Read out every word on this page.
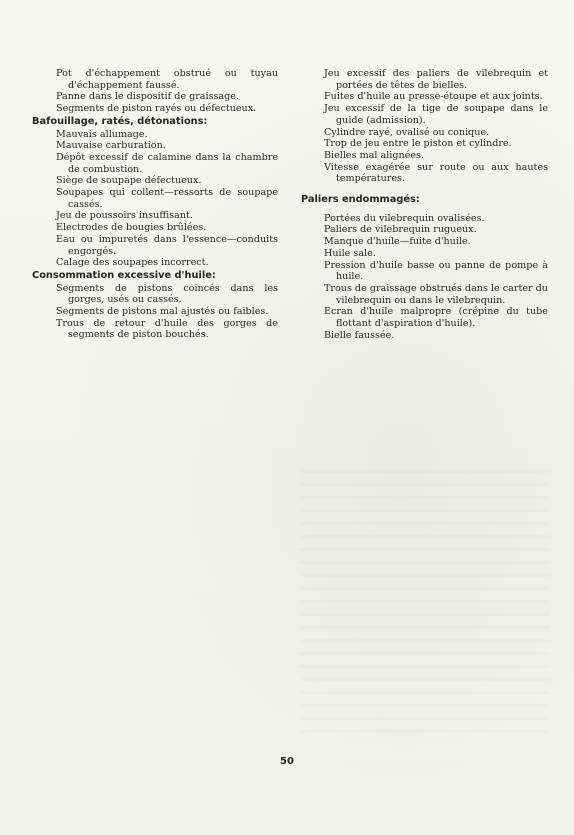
Pot d'échappement obstrué ou tuyau d'échappement faussé.

Panne dans le dispositif de graissage.

Segments de piston rayés ou défectueux.

Bafouillage, ratés, détonations:

Mauvais allumage.

Mauvaise carburation.

Dépôt excessif de calamine dans la chambre de combustion.

Siège de soupape défectueux.

Soupapes qui collent—ressorts de soupape cassés.

Jeu de poussoirs insuffisant.

Electrodes de bougies brûlées.

Eau ou impuretés dans l'essence—conduits engorgés.

Calage des soupapes incorrect.

Consommation excessive d'huile:

Segments de pistons coincés dans les gorges, usés ou cassés.

Segments de pistons mal ajustés ou faibles.

Trous de retour d'huile des gorges de segments de piston bouchés.

Jeu excessif des paliers de vilebrequin et portées de têtes de bielles.

Fuites d'huile au presse-étoupe et aux joints.

Jeu excessif de la tige de soupape dans le guide (admission).

Cylindre rayé, ovalisé ou conique.

Trop de jeu entre le piston et cylindre.

Bielles mal alignées.

Vitesse exagérée sur route ou aux hautes températures.

Paliers endommagés:

Portées du vilebrequin ovalisées.

Paliers de vilebrequin rugueux.

Manque d'huile—fuite d'huile.

Huile sale.

Pression d'huile basse ou panne de pompe à huile.

Trous de graissage obstrués dans le carter du vilebrequin ou dans le vilebrequin.

Ecran d'huile malpropre (crépine du tube flottant d'aspiration d'huile).

Bielle faussée.

50
